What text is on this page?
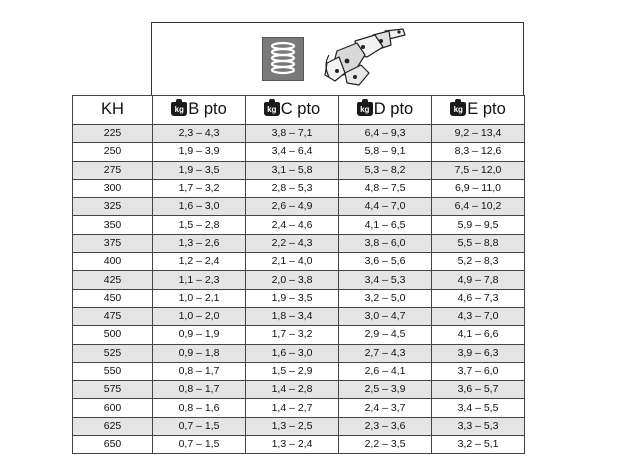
KH	kg B pto	kg C pto	kg D pto	kg E pto
225	2,3 – 4,3	3,8 – 7,1	6,4 – 9,3	9,2 – 13,4
250	1,9 – 3,9	3,4 – 6,4	5,8 – 9,1	8,3 – 12,6
275	1,9 – 3,5	3,1 – 5,8	5,3 – 8,2	7,5 – 12,0
300	1,7 – 3,2	2,8 – 5,3	4,8 – 7,5	6,9 – 11,0
325	1,6 – 3,0	2,6 – 4,9	4,4 – 7,0	6,4 – 10,2
350	1,5 – 2,8	2,4 – 4,6	4,1 – 6,5	5,9 – 9,5
375	1,3 – 2,6	2,2 – 4,3	3,8 – 6,0	5,5 – 8,8
400	1,2 – 2,4	2,1 – 4,0	3,6 – 5,6	5,2 – 8,3
425	1,1 – 2,3	2,0 – 3,8	3,4 – 5,3	4,9 – 7,8
450	1,0 – 2,1	1,9 – 3,5	3,2 – 5,0	4,6 – 7,3
475	1,0 – 2,0	1,8 – 3,4	3,0 – 4,7	4,3 – 7,0
500	0,9 – 1,9	1,7 – 3,2	2,9 – 4,5	4,1 – 6,6
525	0,9 – 1,8	1,6 – 3,0	2,7 – 4,3	3,9 – 6,3
550	0,8 – 1,7	1,5 – 2,9	2,6 – 4,1	3,7 – 6,0
575	0,8 – 1,7	1,4 – 2,8	2,5 – 3,9	3,6 – 5,7
600	0,8 – 1,6	1,4 – 2,7	2,4 – 3,7	3,4 – 5,5
625	0,7 – 1,5	1,3 – 2,5	2,3 – 3,6	3,3 – 5,3
650	0,7 – 1,5	1,3 – 2,4	2,2 – 3,5	3,2 – 5,1
